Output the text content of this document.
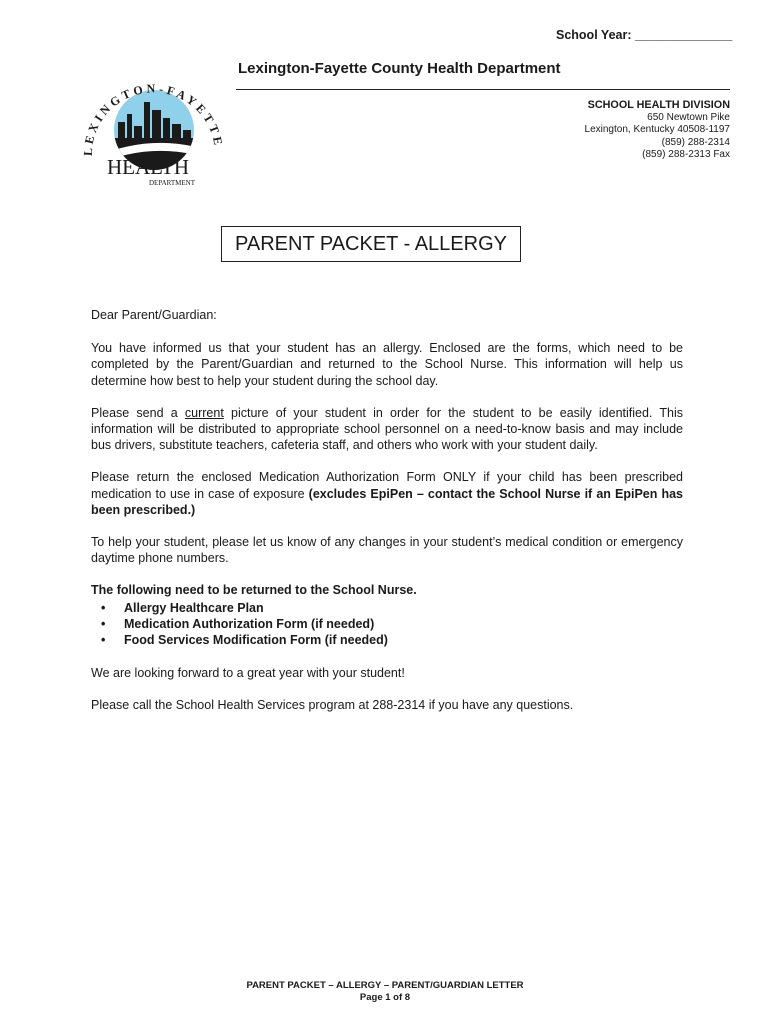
School Year: ______________
LEXINGTON-FAYETTE
HEALTH
DEPARTMENT
Lexington-Fayette County Health Department
SCHOOL HEALTH DIVISION
650 Newtown Pike
Lexington, Kentucky 40508-1197
(859) 288-2314
(859) 288-2313 Fax
PARENT PACKET - ALLERGY

Dear Parent/Guardian:

You have informed us that your student has an allergy. Enclosed are the forms, which need to be completed by the Parent/Guardian and returned to the School Nurse. This information will help us determine how best to help your student during the school day.

Please send a current picture of your student in order for the student to be easily identified. This information will be distributed to appropriate school personnel on a need-to-know basis and may include bus drivers, substitute teachers, cafeteria staff, and others who work with your student daily.

Please return the enclosed Medication Authorization Form ONLY if your child has been prescribed medication to use in case of exposure (excludes EpiPen – contact the School Nurse if an EpiPen has been prescribed.)

To help your student, please let us know of any changes in your student’s medical condition or emergency daytime phone numbers.

The following need to be returned to the School Nurse.

• Allergy Healthcare Plan
• Medication Authorization Form (if needed)
• Food Services Modification Form (if needed)

We are looking forward to a great year with your student!

Please call the School Health Services program at 288-2314 if you have any questions.

PARENT PACKET – ALLERGY – PARENT/GUARDIAN LETTER
Page 1 of 8
